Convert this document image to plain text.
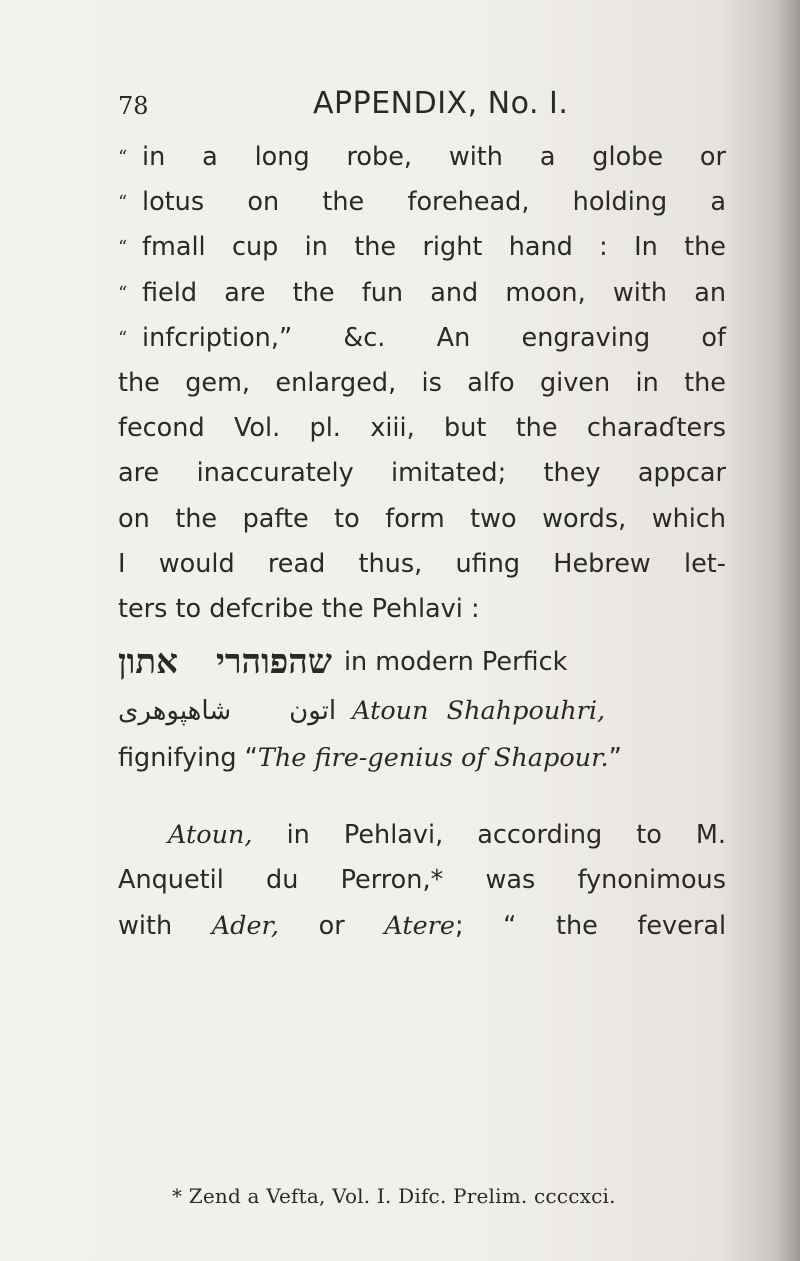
78	APPENDIX, No. I.
“ in a long robe, with a globe or
“ lotus on the forehead, holding a
“ fmall cup in the right hand : In the
“ field are the fun and moon, with an
“ infcription,” &c. An engraving of
the gem, enlarged, is alfo given in the
fecond Vol. pl. xiii, but the charaɗters
are inaccurately imitated; they appcar
on the pafte to form two words, which
I would read thus, ufing Hebrew let-
ters to defcribe the Pehlavi :
אתון שהפוהרי in modern Perfick
شاهپوهری اتون Atoun Shahpouhri,
fignifying “The fire-genius of Shapour.”
Atoun, in Pehlavi, according to M.
Anquetil du Perron,* was fynonimous
with Ader, or Atere; “ the feveral
* Zend a Vefta, Vol. I. Difc. Prelim. ccccxci.
